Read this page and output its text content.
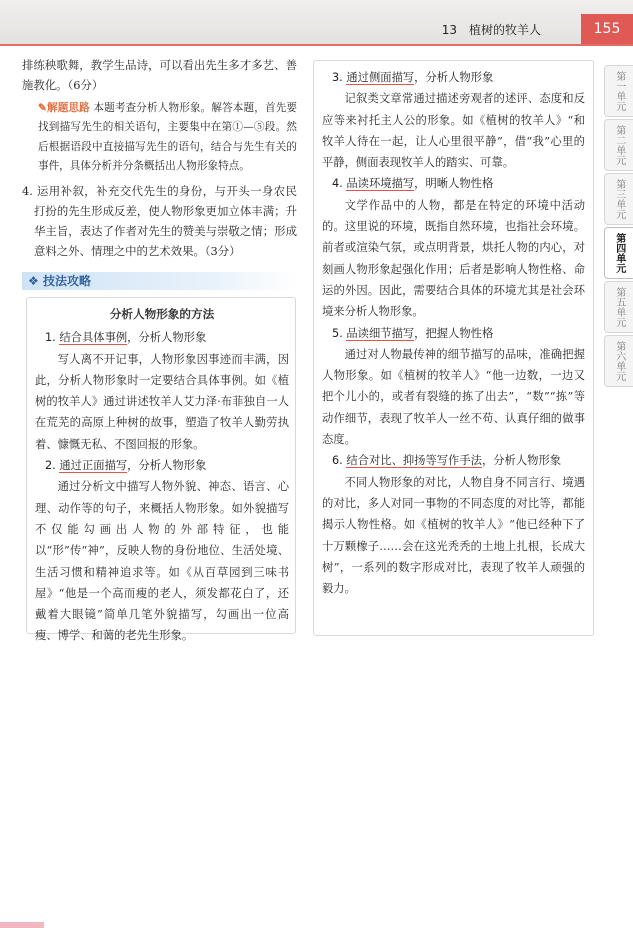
13 植树的牧羊人	155

排练秧歌舞，教学生品诗，可以看出先生多才多艺、善施教化。（6分）

✎解题思路 本题考查分析人物形象。解答本题，首先要找到描写先生的相关语句，主要集中在第①—⑤段。然后根据语段中直接描写先生的语句，结合与先生有关的事件，具体分析并分条概括出人物形象特点。

4. 运用补叙，补充交代先生的身份，与开头一身农民打扮的先生形成反差，使人物形象更加立体丰满；升华主旨，表达了作者对先生的赞美与崇敬之情；形成意料之外、情理之中的艺术效果。（3分）

❖ 技法攻略
分析人物形象的方法
1. 结合具体事例，分析人物形象

写人离不开记事，人物形象因事迹而丰满，因此，分析人物形象时一定要结合具体事例。如《植树的牧羊人》通过讲述牧羊人艾力泽·布菲独自一人在荒芜的高原上种树的故事，塑造了牧羊人勤劳执着、慷慨无私、不图回报的形象。

2. 通过正面描写，分析人物形象

通过分析文中描写人物外貌、神态、语言、心理、动作等的句子，来概括人物形象。如外貌描写不仅能勾画出人物的外部特征，也能以“形”传“神”，反映人物的身份地位、生活处境、生活习惯和精神追求等。如《从百草园到三味书屋》“他是一个高而瘦的老人，须发都花白了，还戴着大眼镜”简单几笔外貌描写，勾画出一位高瘦、博学、和蔼的老先生形象。

3. 通过侧面描写，分析人物形象

记叙类文章常通过描述旁观者的述评、态度和反应等来衬托主人公的形象。如《植树的牧羊人》“和牧羊人待在一起，让人心里很平静”，借“我”心里的平静，侧面表现牧羊人的踏实、可靠。

4. 品读环境描写，明晰人物性格

文学作品中的人物，都是在特定的环境中活动的。这里说的环境，既指自然环境，也指社会环境。前者或渲染气氛，或点明背景，烘托人物的内心，对刻画人物形象起强化作用；后者是影响人物性格、命运的外因。因此，需要结合具体的环境尤其是社会环境来分析人物形象。

5. 品读细节描写，把握人物性格

通过对人物最传神的细节描写的品味，准确把握人物形象。如《植树的牧羊人》“他一边数，一边又把个儿小的，或者有裂缝的拣了出去”，“数”“拣”等动作细节，表现了牧羊人一丝不苟、认真仔细的做事态度。

6. 结合对比、抑扬等写作手法，分析人物形象

不同人物形象的对比，人物自身不同言行、境遇的对比，多人对同一事物的不同态度的对比等，都能揭示人物性格。如《植树的牧羊人》“他已经种下了十万颗橡子……会在这光秃秃的土地上扎根，长成大树”，一系列的数字形成对比，表现了牧羊人顽强的毅力。

第一单元
第二单元
第三单元
第四单元
第五单元
第六单元
